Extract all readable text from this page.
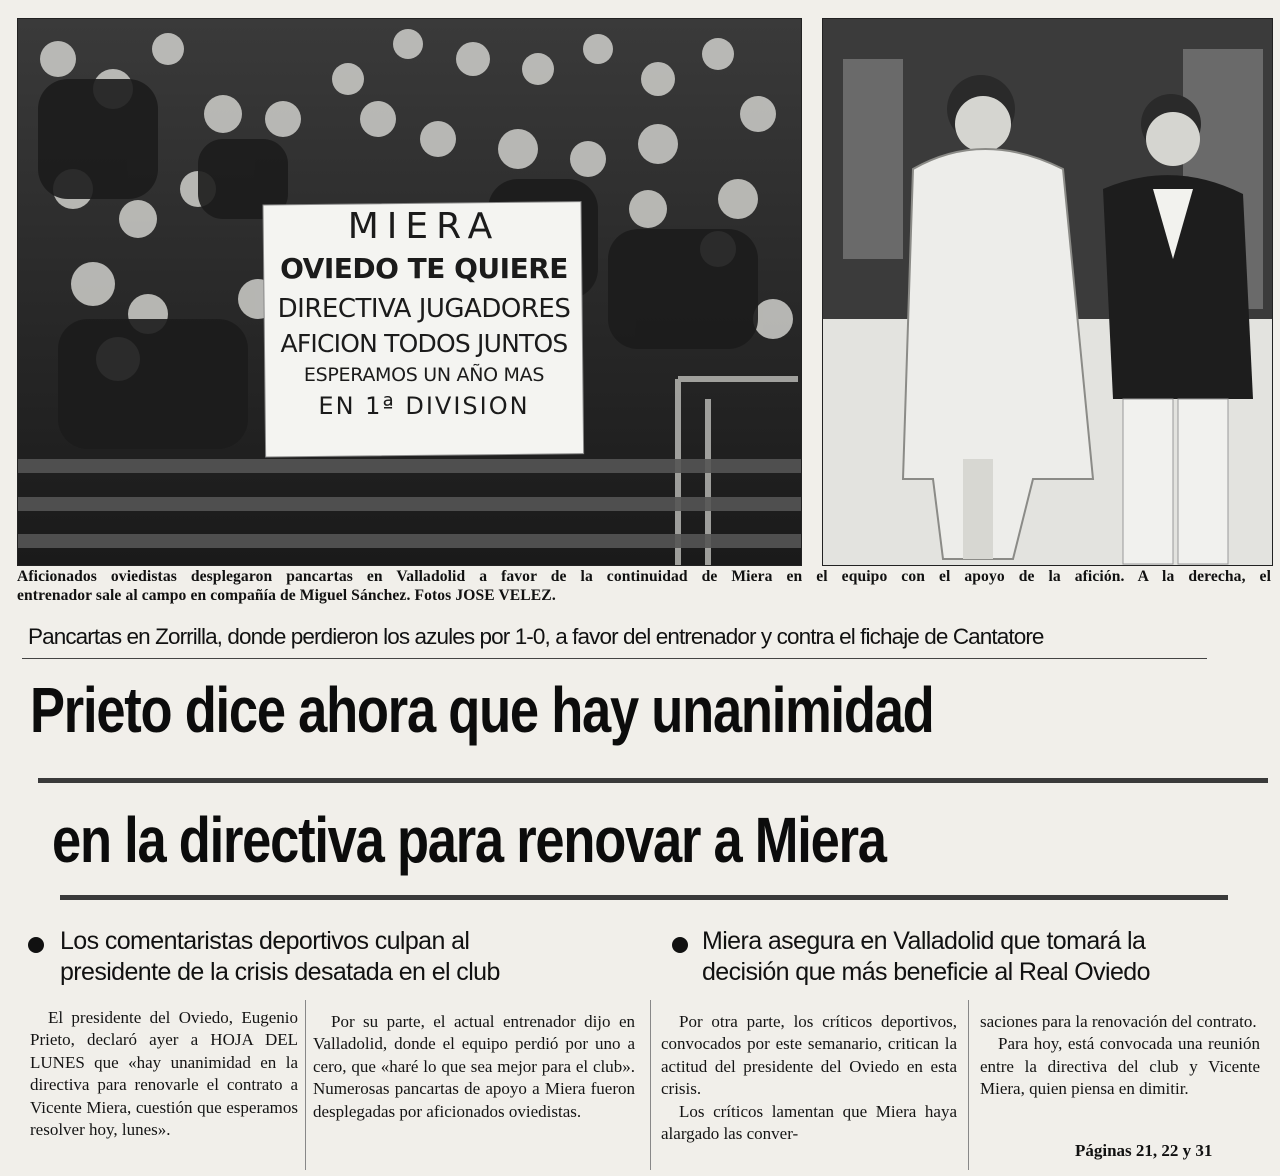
MIERA
OVIEDO TE QUIERE
DIRECTIVA JUGADORES
AFICION TODOS JUNTOS
ESPERAMOS UN AÑO MAS
EN 1ª DIVISION

Aficionados oviedistas desplegaron pancartas en Valladolid a favor de la continuidad de Miera en el equipo con el apoyo de la afición. A la derecha, el

entrenador sale al campo en compañía de Miguel Sánchez. Fotos JOSE VELEZ.

Pancartas en Zorrilla, donde perdieron los azules por 1-0, a favor del entrenador y contra el fichaje de Cantatore
Prieto dice ahora que hay unanimidad
en la directiva para renovar a Miera
Los comentaristas deportivos culpan al
presidente de la crisis desatada en el club
Miera asegura en Valladolid que tomará la
decisión que más beneficie al Real Oviedo

El presidente del Oviedo, Eugenio Prieto, declaró ayer a HOJA DEL LUNES que «hay unanimidad en la directiva para renovarle el contrato a Vicente Miera, cuestión que esperamos resolver hoy, lunes».

Por su parte, el actual entrenador dijo en Valladolid, donde el equipo perdió por uno a cero, que «haré lo que sea mejor para el club». Numerosas pancartas de apoyo a Miera fueron desplegadas por aficionados oviedistas.

Por otra parte, los críticos deportivos, convocados por este semanario, critican la actitud del presidente del Oviedo en esta crisis.

Los críticos lamentan que Miera haya alargado las conver-

saciones para la renovación del contrato.

Para hoy, está convocada una reunión entre la directiva del club y Vicente Miera, quien piensa en dimitir.

Páginas 21, 22 y 31
